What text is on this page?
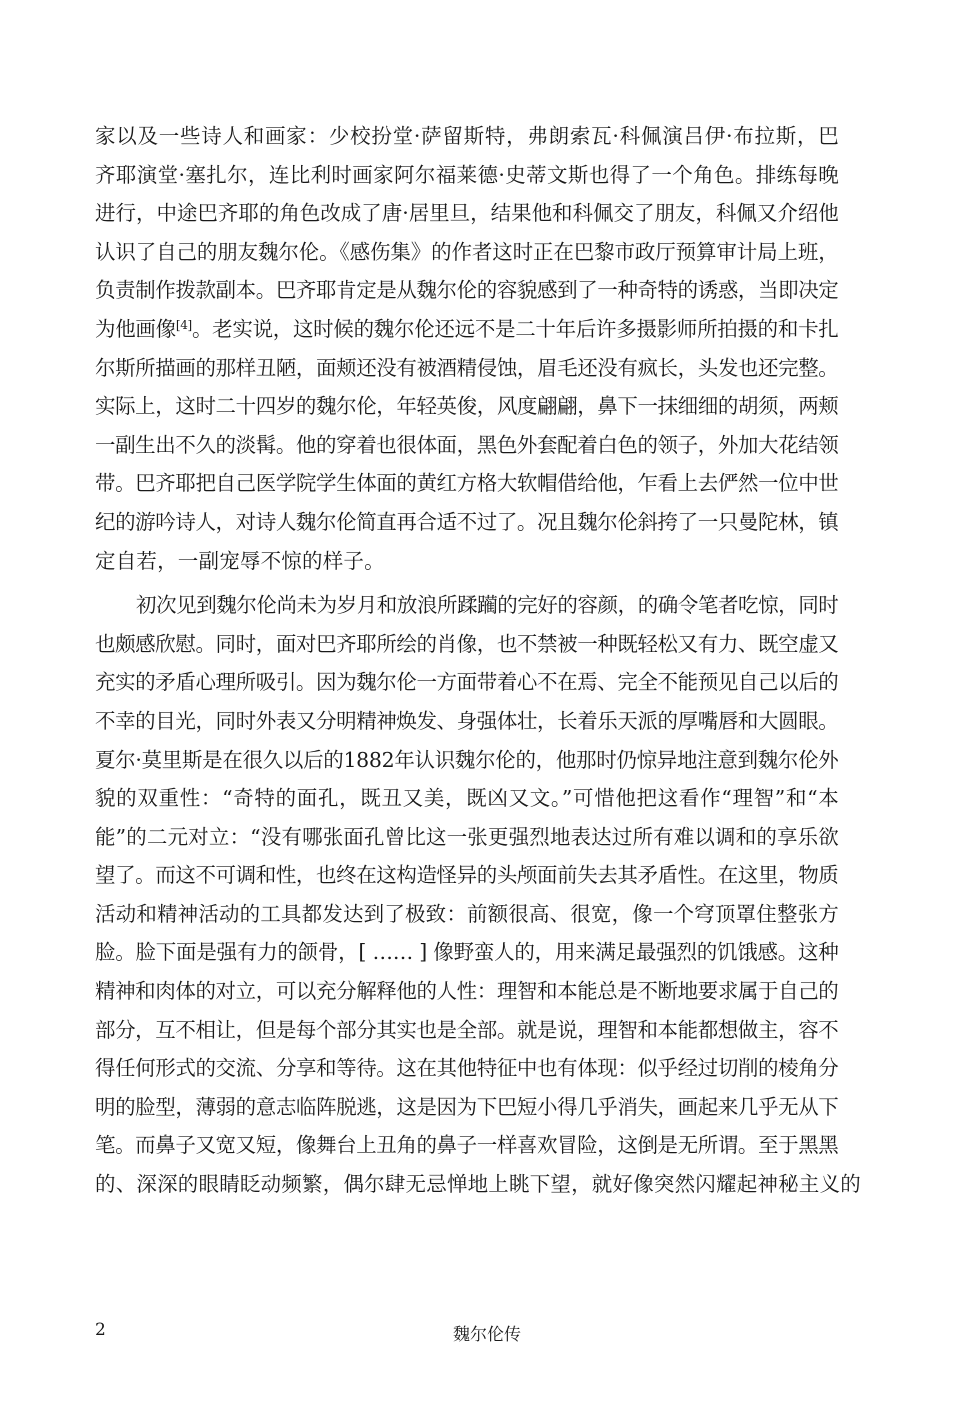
家以及一些诗人和画家：少校扮堂·萨留斯特，弗朗索瓦·科佩演吕伊·布拉斯，巴
齐耶演堂·塞扎尔，连比利时画家阿尔福莱德·史蒂文斯也得了一个角色。排练每晚
进行，中途巴齐耶的角色改成了唐·居里旦，结果他和科佩交了朋友，科佩又介绍他
认识了自己的朋友魏尔伦。《感伤集》的作者这时正在巴黎市政厅预算审计局上班，
负责制作拨款副本。巴齐耶肯定是从魏尔伦的容貌感到了一种奇特的诱惑，当即决定
为他画像[4]。老实说，这时候的魏尔伦还远不是二十年后许多摄影师所拍摄的和卡扎
尔斯所描画的那样丑陋，面颊还没有被酒精侵蚀，眉毛还没有疯长，头发也还完整。
实际上，这时二十四岁的魏尔伦，年轻英俊，风度翩翩，鼻下一抹细细的胡须，两颊
一副生出不久的淡髯。他的穿着也很体面，黑色外套配着白色的领子，外加大花结领
带。巴齐耶把自己医学院学生体面的黄红方格大软帽借给他，乍看上去俨然一位中世
纪的游吟诗人，对诗人魏尔伦简直再合适不过了。况且魏尔伦斜挎了一只曼陀林，镇
定自若，一副宠辱不惊的样子。
初次见到魏尔伦尚未为岁月和放浪所蹂躏的完好的容颜，的确令笔者吃惊，同时
也颇感欣慰。同时，面对巴齐耶所绘的肖像，也不禁被一种既轻松又有力、既空虚又
充实的矛盾心理所吸引。因为魏尔伦一方面带着心不在焉、完全不能预见自己以后的
不幸的目光，同时外表又分明精神焕发、身强体壮，长着乐天派的厚嘴唇和大圆眼。
夏尔·莫里斯是在很久以后的1882年认识魏尔伦的，他那时仍惊异地注意到魏尔伦外
貌的双重性：“奇特的面孔，既丑又美，既凶又文。”可惜他把这看作“理智”和“本
能”的二元对立：“没有哪张面孔曾比这一张更强烈地表达过所有难以调和的享乐欲
望了。而这不可调和性，也终在这构造怪异的头颅面前失去其矛盾性。在这里，物质
活动和精神活动的工具都发达到了极致：前额很高、很宽，像一个穹顶罩住整张方
脸。脸下面是强有力的颌骨，[ …… ] 像野蛮人的，用来满足最强烈的饥饿感。这种
精神和肉体的对立，可以充分解释他的人性：理智和本能总是不断地要求属于自己的
部分，互不相让，但是每个部分其实也是全部。就是说，理智和本能都想做主，容不
得任何形式的交流、分享和等待。这在其他特征中也有体现：似乎经过切削的棱角分
明的脸型，薄弱的意志临阵脱逃，这是因为下巴短小得几乎消失，画起来几乎无从下
笔。而鼻子又宽又短，像舞台上丑角的鼻子一样喜欢冒险，这倒是无所谓。至于黑黑
的、深深的眼睛眨动频繁，偶尔肆无忌惮地上眺下望，就好像突然闪耀起神秘主义的
2	魏尔伦传
